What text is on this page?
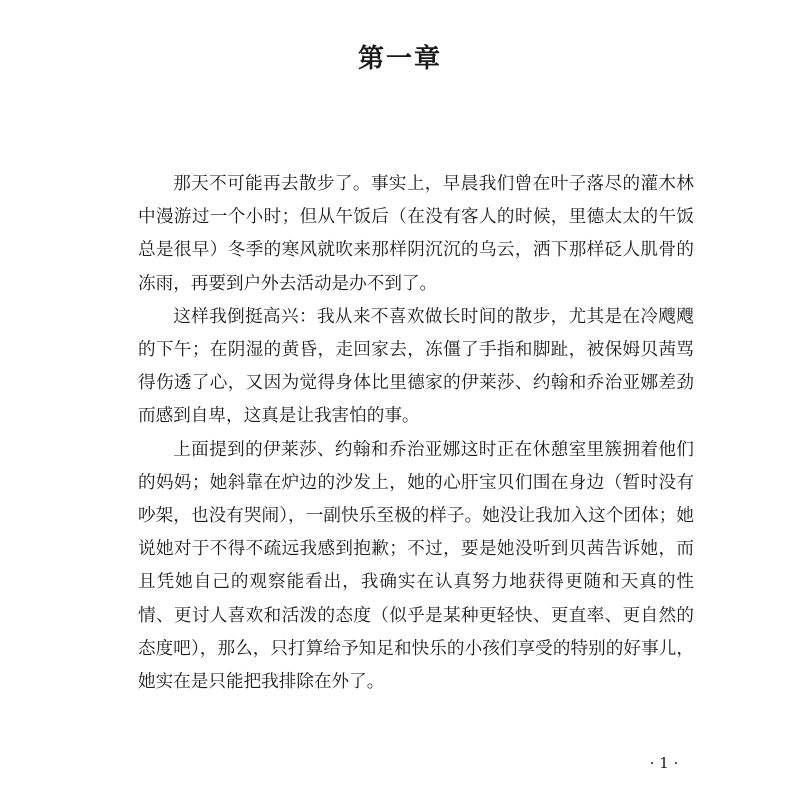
第一章

那天不可能再去散步了。事实上，早晨我们曾在叶子落尽的灌木林中漫游过一个小时；但从午饭后（在没有客人的时候，里德太太的午饭总是很早）冬季的寒风就吹来那样阴沉沉的乌云，洒下那样砭人肌骨的冻雨，再要到户外去活动是办不到了。

这样我倒挺高兴：我从来不喜欢做长时间的散步，尤其是在冷飕飕的下午；在阴湿的黄昏，走回家去，冻僵了手指和脚趾，被保姆贝茜骂得伤透了心，又因为觉得身体比里德家的伊莱莎、约翰和乔治亚娜差劲而感到自卑，这真是让我害怕的事。

上面提到的伊莱莎、约翰和乔治亚娜这时正在休憩室里簇拥着他们的妈妈；她斜靠在炉边的沙发上，她的心肝宝贝们围在身边（暂时没有吵架，也没有哭闹），一副快乐至极的样子。她没让我加入这个团体；她说她对于不得不疏远我感到抱歉；不过，要是她没听到贝茜告诉她，而且凭她自己的观察能看出，我确实在认真努力地获得更随和天真的性情、更讨人喜欢和活泼的态度（似乎是某种更轻快、更直率、更自然的态度吧），那么，只打算给予知足和快乐的小孩们享受的特别的好事儿，她实在是只能把我排除在外了。

· 1 ·
